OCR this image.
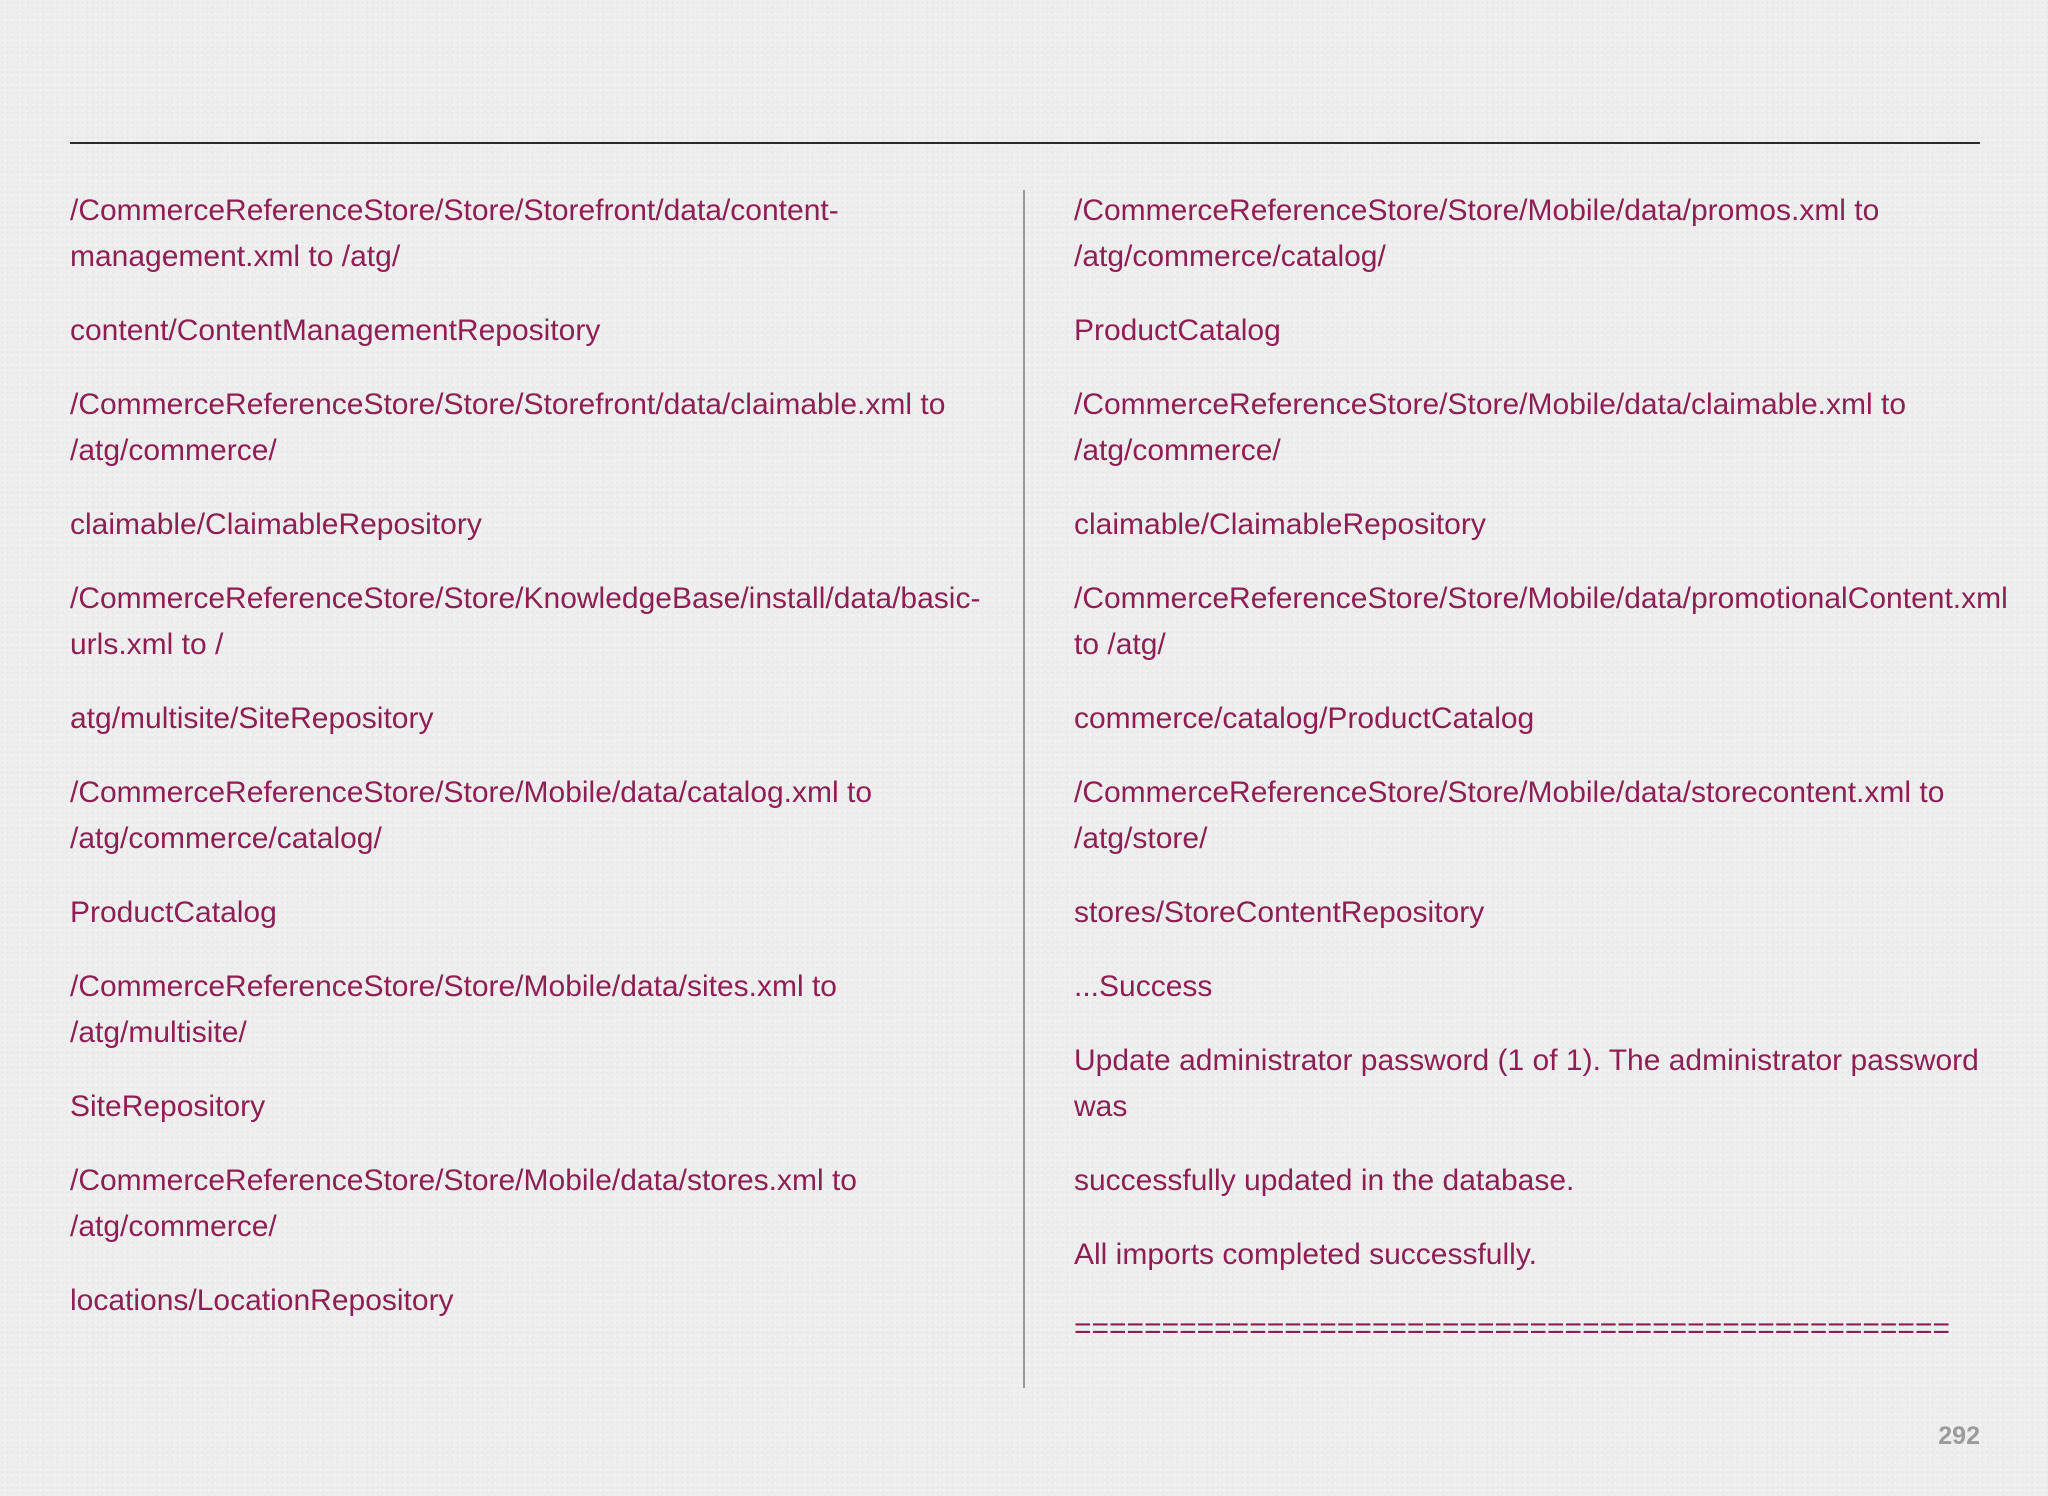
/CommerceReferenceStore/Store/Storefront/data/content-management.xml to /atg/

content/ContentManagementRepository

/CommerceReferenceStore/Store/Storefront/data/claimable.xml to /atg/commerce/

claimable/ClaimableRepository

/CommerceReferenceStore/Store/KnowledgeBase/install/data/basic-urls.xml to /

atg/multisite/SiteRepository

/CommerceReferenceStore/Store/Mobile/data/catalog.xml to /atg/commerce/catalog/

ProductCatalog

/CommerceReferenceStore/Store/Mobile/data/sites.xml to /atg/multisite/

SiteRepository

/CommerceReferenceStore/Store/Mobile/data/stores.xml to /atg/commerce/

locations/LocationRepository

/CommerceReferenceStore/Store/Mobile/data/promos.xml to /atg/commerce/catalog/

ProductCatalog

/CommerceReferenceStore/Store/Mobile/data/claimable.xml to /atg/commerce/

claimable/ClaimableRepository

/CommerceReferenceStore/Store/Mobile/data/promotionalContent.xml to /atg/

commerce/catalog/ProductCatalog

/CommerceReferenceStore/Store/Mobile/data/storecontent.xml to /atg/store/

stores/StoreContentRepository

...Success

Update administrator password (1 of 1). The administrator password was

successfully updated in the database.

All imports completed successfully.

==================================================

292
